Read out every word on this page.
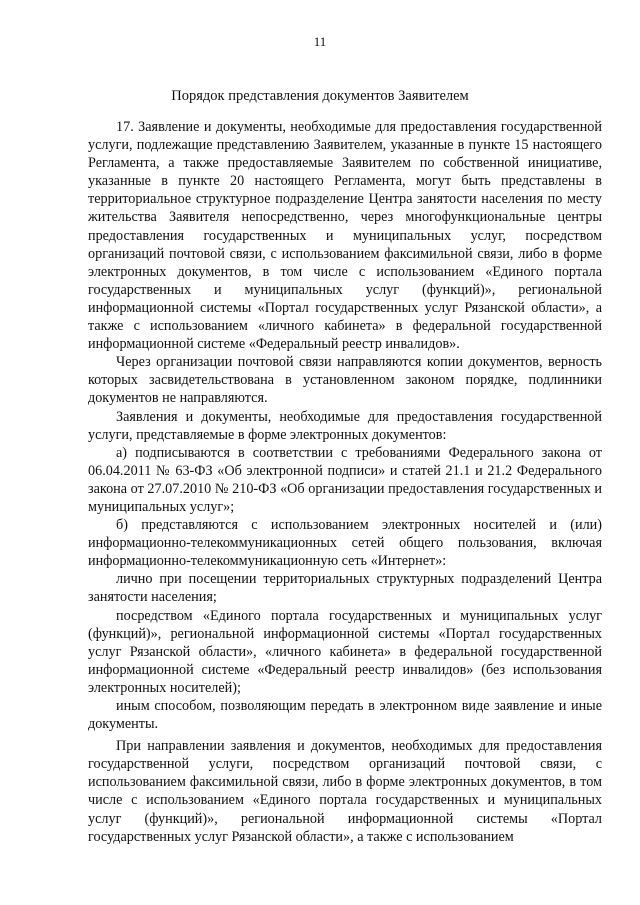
11
Порядок представления документов Заявителем

17. Заявление и документы, необходимые для предоставления государственной услуги, подлежащие представлению Заявителем, указанные в пункте 15 настоящего Регламента, а также предоставляемые Заявителем по собственной инициативе, указанные в пункте 20 настоящего Регламента, могут быть представлены в территориальное структурное подразделение Центра занятости населения по месту жительства Заявителя непосредственно, через многофункциональные центры предоставления государственных и муниципальных услуг, посредством организаций почтовой связи, с использованием факсимильной связи, либо в форме электронных документов, в том числе с использованием «Единого портала государственных и муниципальных услуг (функций)», региональной информационной системы «Портал государственных услуг Рязанской области», а также с использованием «личного кабинета» в федеральной государственной информационной системе «Федеральный реестр инвалидов».

Через организации почтовой связи направляются копии документов, верность которых засвидетельствована в установленном законом порядке, подлинники документов не направляются.

Заявления и документы, необходимые для предоставления государственной услуги, представляемые в форме электронных документов:

а) подписываются в соответствии с требованиями Федерального закона от 06.04.2011 № 63-ФЗ «Об электронной подписи» и статей 21.1 и 21.2 Федерального закона от 27.07.2010 № 210-ФЗ «Об организации предоставления государственных и муниципальных услуг»;

б) представляются с использованием электронных носителей и (или) информационно-телекоммуникационных сетей общего пользования, включая информационно-телекоммуникационную сеть «Интернет»:

лично при посещении территориальных структурных подразделений Центра занятости населения;

посредством «Единого портала государственных и муниципальных услуг (функций)», региональной информационной системы «Портал государственных услуг Рязанской области», «личного кабинета» в федеральной государственной информационной системе «Федеральный реестр инвалидов» (без использования электронных носителей);

иным способом, позволяющим передать в электронном виде заявление и иные документы.

При направлении заявления и документов, необходимых для предоставления государственной услуги, посредством организаций почтовой связи, с использованием факсимильной связи, либо в форме электронных документов, в том числе с использованием «Единого портала государственных и муниципальных услуг (функций)», региональной информационной системы «Портал государственных услуг Рязанской области», а также с использованием
